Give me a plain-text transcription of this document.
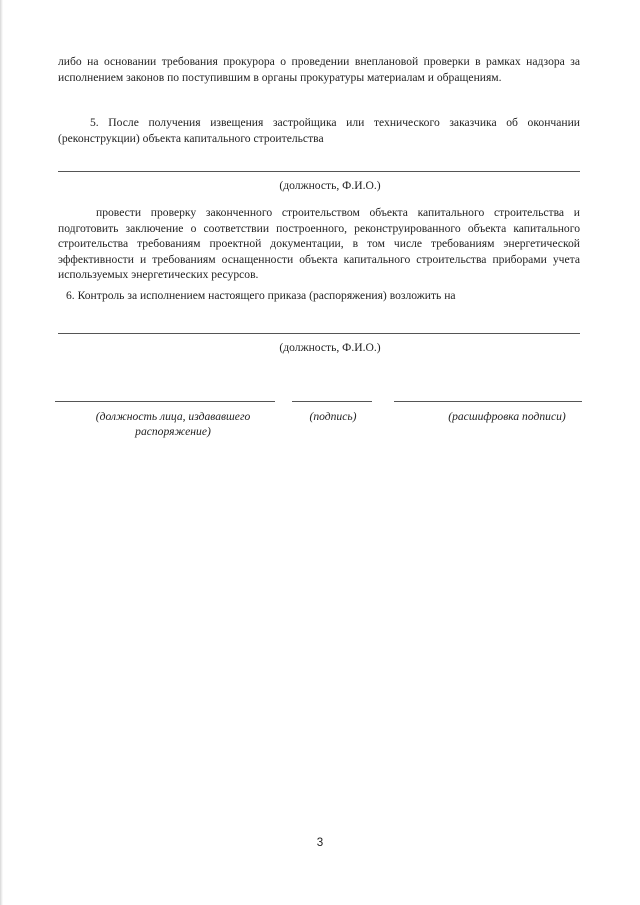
либо на основании требования прокурора о проведении внеплановой проверки в рамках надзора за исполнением законов по поступившим в органы прокуратуры материалам и обращениям.

5. После получения извещения застройщика или технического заказчика об окончании (реконструкции) объекта капитального строительства

(должность, Ф.И.О.)

провести проверку законченного строительством объекта капитального строительства и подготовить заключение о соответствии построенного, реконструированного объекта капитального строительства требованиям проектной документации, в том числе требованиям энергетической эффективности и требованиям оснащенности объекта капитального строительства приборами учета используемых энергетических ресурсов.

6. Контроль за исполнением настоящего приказа (распоряжения) возложить на

(должность, Ф.И.О.)

(должность лица, издававшего распоряжение)

(подпись)	(расшифровка подписи)

3
